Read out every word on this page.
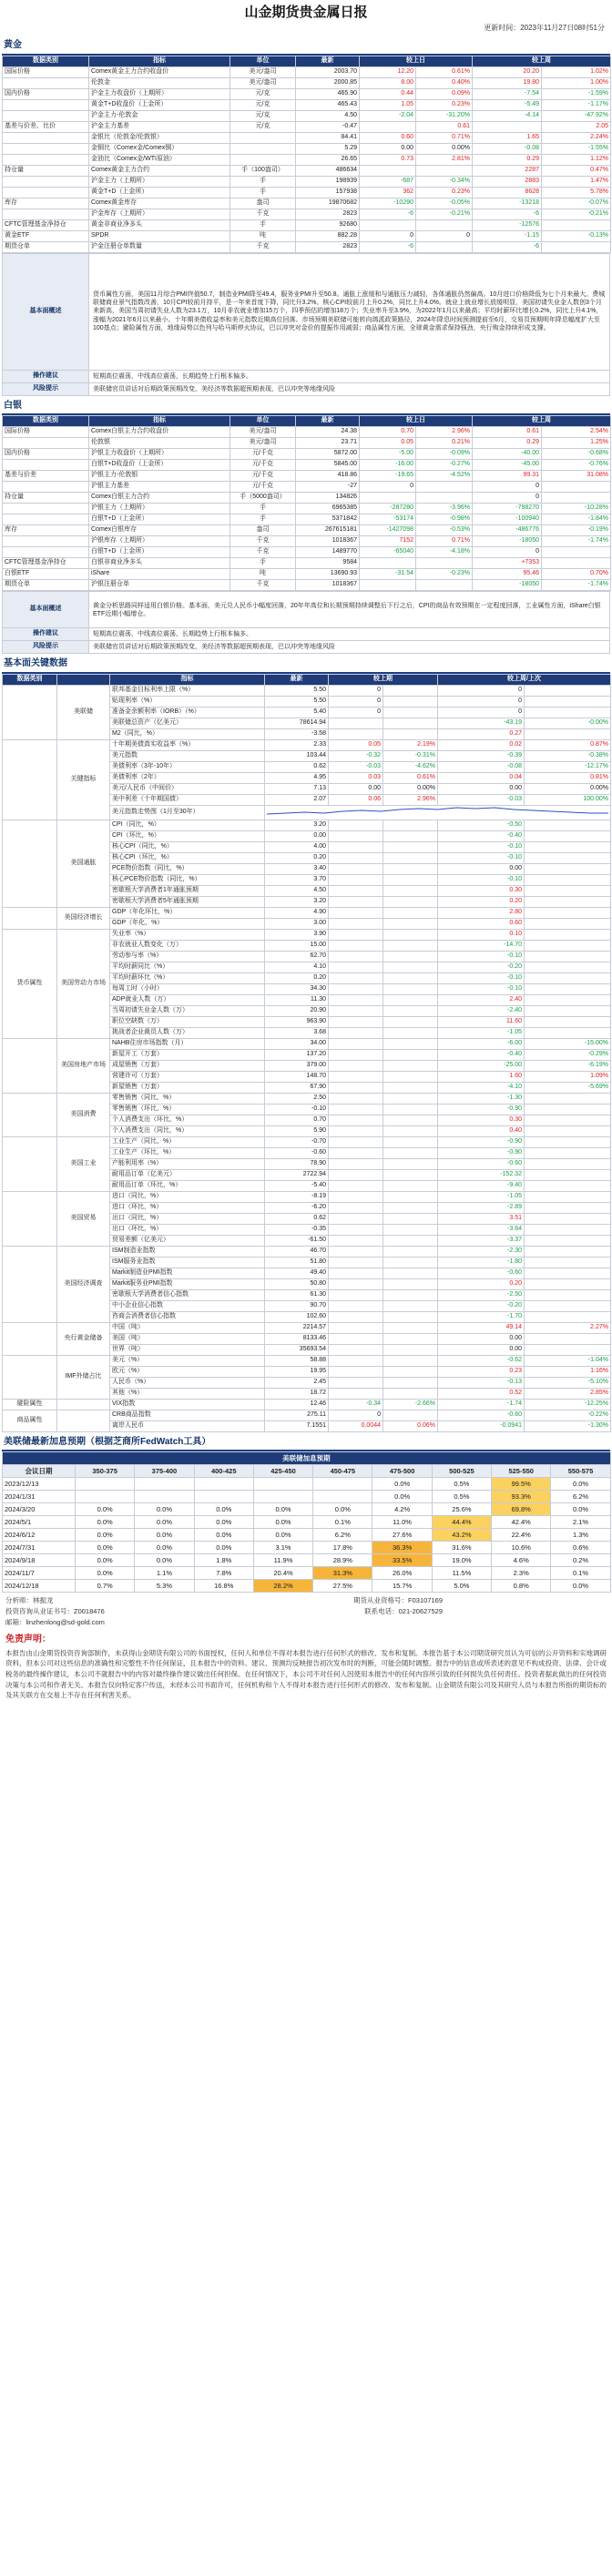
山金期货贵金属日报
更新时间：2023年11月27日08时51分
黄金
数据类别	指标	单位	最新	较上日		较上周	
国际价格	Comex黄金主力合约收盘价	美元/盎司	2003.70	12.20	0.61%	20.20	1.02%
	伦敦金	美元/盎司	2000.85	8.00	0.40%	19.80	1.00%
国内价格	沪金主力收盘价（上期所）	元/克	465.90	0.44	0.09%	-7.54	-1.59%
	黄金T+D收盘价（上金所）	元/克	465.43	1.05	0.23%	-5.49	-1.17%
	沪金主力-伦敦金	元/克	4.50	-2.04	-31.20%	-4.14	-47.92%
基差与价差、比价	沪金主力基差	元/克	-0.47		0.61		2.05
	金银比（伦敦金/伦敦银）		84.41	0.60	0.71%	1.65	2.24%
	金铜比（Comex金/Comex铜）		5.29	0.00	0.00%	-0.08	-1.55%
	金油比（Comex金/WTI原油）		26.65	0.73	2.81%	0.29	1.12%
持仓量	Comex黄金主力合约	手（100盎司）	486634			2287	0.47%
	沪金主力（上期所）	手	198939	-687	-0.34%	2883	1.47%
	黄金T+D（上金所）	手	157938	362	0.23%	8628	5.78%
库存	Comex黄金库存	盎司	19870682	-10290	-0.05%	-13218	-0.07%
	沪金库存（上期所）	千克	2823	-6	-0.21%	-6	-0.21%
CFTC管理基金净持仓	黄金非商业净多头	手	92680			-12576	
黄金ETF	SPDR	吨	882.28	0	0	-1.15	-0.13%
期货仓单	沪金注册仓单数量	千克	2823	-6		-6	
基本面概述	货币属性方面，美国11月综合PMI终值50.7，制造业PMI降至49.4，服务业PMI升至50.8。通胀上涨缓和与通胀压力减轻，各体通胀仍然偏高。10月进口价格降低为七个月来最大。费城联储商业景气指数改善，10月CPI较前月持平，是一年来首度下降，同比升3.2%。核心CPI较前月上升0.2%，同比上升4.0%。就业上就业增长放缓明显，美国初请失业金人数创3个月来新高，美国当周初请失业人数为23.1万，10月非农就业增加15万个，四季预估的增加18万个；失业率升至3.9%，为2022年1月以来最高；平均时薪环比增长0.2%，同比上升4.1%，涨幅为2021年6月以来最小。十年期美债收益率和美元指数近期高位回落。市场预期美联储可能转向鸽派政策路径，2024年降息时间预测提前至6月，交易员预期明年降息幅度扩大至100基点；避险属性方面，地缘局势以色列与哈马斯停火协议，巴以冲突对金价的提振作用减弱；商品属性方面，全球黄金需求保持强劲，央行购金持续形成支撑。
操作建议	短期高位震荡，中线高位震荡，长期趋势上行根本偏多。
风险提示	美联储官员讲话对后期政策预期改变，美经济等数据超预期表现，巴以冲突等地缘风险
白银
数据类别	指标	单位	最新	较上日		较上周	
国际价格	Comex白银主力合约收盘价	美元/盎司	24.38	0.70	2.96%	0.61	2.54%
	伦敦银	美元/盎司	23.71	0.05	0.21%	0.29	1.25%
国内价格	沪银主力收盘价（上期所）	元/千克	5872.00	-5.00	-0.09%	-40.00	-0.68%
	白银T+D收盘价（上金所）	元/千克	5845.00	-16.00	-0.27%	-45.00	-0.76%
基差与价差	沪银主力-伦敦银	元/千克	418.86	-19.65	-4.52%	99.31	31.08%
	沪银主力基差	元/千克	-27	0		0	
持仓量	Comex白银主力合约	手（5000盎司）	134826			0	
	沪银主力（上期所）	手	6965385	-287280	-3.96%	-798270	-10.28%
	白银T+D（上金所）	手	5371842	-53174	-0.98%	-100940	-1.84%
库存	Comex白银库存	盎司	267615181	-1427098	-0.53%	-486776	-0.19%
	沪银库存（上期所）	千克	1018367	7152	0.71%	-18050	-1.74%
	白银T+D（上金所）	千克	1489770	-65040	-4.18%	0	
CFTC管理基金净持仓	白银非商业净多头	手	9584			+7353	
白银ETF	iShare	吨	13690.93	-31.54	-0.23%	95.46	0.70%
期货仓单	沪银注册仓单	千克	1018367			-18050	-1.74%
基本面概述	黄金分析思路同样适用白银价格。基本面，美元兑人民币小幅度回落，20年年高位和长期预期持续调整后下行之后，CPI的商品有效预期在一定程度回落，工业属性方面，iShare白银ETF近期小幅增仓。
操作建议	短期高位震荡，中线高位震荡，长期趋势上行根本偏多。
风险提示	美联储官员讲话对后期政策预期改变，美经济等数据超预期表现，巴以冲突等地缘风险
基本面关键数据
数据类别		指标	最新	较上期		较上周/上次	
	美联储	联邦基金目标利率上限（%）	5.50	0		0	
		贴现利率（%）	5.50	0		0	
		准备金余额利率（IORB）（%）	5.40	0		0	
		美联储总资产（亿美元）	78614.94			-43.19	-0.00%
		M2（同比，%）	-3.58			0.27	
	关键指标	十年期美债真实收益率（%）	2.33	0.05	2.19%	0.02	0.87%
		美元指数	103.44	-0.32	-0.31%	-0.39	-0.38%
		美债利率（3年-10年）	0.62	-0.03	-4.62%	-0.08	-12.17%
		美债利率（2年）	4.95	0.03	0.61%	0.04	0.81%
		美元/人民币（中间价）	7.13	0.00	0.00%	0.00	0.00%
		美中利差（十年期国债）	2.07	0.06	2.96%	-0.03	100.00%
		美元指数走势图（1月至30年）	
	美国通胀	CPI（同比，%）	3.20			-0.50	
		CPI（环比，%）	0.00			-0.40	
		核心CPI（同比，%）	4.00			-0.10	
		核心CPI（环比，%）	0.20			-0.10	
		PCE物价指数（同比，%）	3.40			0.00	
		核心PCE物价指数（同比，%）	3.70			-0.10	
		密歇根大学消费者1年通胀预期	4.50			0.30	
		密歇根大学消费者5年通胀预期	3.20			0.20	
	美国经济增长	GDP（年化环比，%）	4.90			2.80	
		GDP（年化，%）	3.00			0.60	
货币属性	美国劳动力市场	失业率（%）	3.90			0.10	
		非农就业人数变化（万）	15.00			-14.70	
		劳动参与率（%）	62.70			-0.10	
		平均时薪同比（%）	4.10			-0.20	
		平均时薪环比（%）	0.20			-0.10	
		每周工时（小时）	34.30			-0.10	
		ADP就业人数（万）	11.30			2.40	
		当周初请失业金人数（万）	20.90			-2.40	
		职位空缺数（万）	963.90			11.60	
		挑战者企业裁员人数（万）	3.68			-1.05	
	美国房地产市场	NAHB住房市场指数（月）	34.00			-6.00	-15.00%
		新屋开工（万套）	137.20			-0.40	-0.29%
		成屋销售（万套）	379.00			-25.00	-6.19%
		营建许可（万套）	148.70			1.60	1.09%
		新屋销售（万套）	67.90			-4.10	-5.69%
	美国消费	零售销售（同比，%）	2.50			-1.30	
		零售销售（环比，%）	-0.10			-0.90	
		个人消费支出（环比，%）	0.70			0.30	
		个人消费支出（同比，%）	5.90			0.40	
	美国工业	工业生产（同比，%）	-0.70			-0.90	
		工业生产（环比，%）	-0.60			-0.90	
		产能利用率（%）	78.90			-0.60	
		耐用品订单（亿美元）	2722.94			-152.32	
		耐用品订单（环比，%）	-5.40			-9.40	
	美国贸易	进口（同比，%）	-8.19			-1.05	
		进口（环比，%）	-6.20			-2.89	
		出口（同比，%）	0.62			3.51	
		出口（环比，%）	-0.35			-3.64	
		贸易差额（亿美元）	-61.50			-3.37	
	美国经济调查	ISM制造业指数	46.70			-2.30	
		ISM服务业指数	51.80			-1.80	
		Markit制造业PMI指数	49.40			-0.60	
		Markit服务业PMI指数	50.80			0.20	
		密歇根大学消费者信心指数	61.30			-2.50	
		中小企业信心指数	90.70			-0.20	
		咨商会消费者信心指数	102.60			-1.70	
	央行黄金储备	中国（吨）	2214.57			49.14	2.27%
		美国（吨）	8133.46			0.00	
		世界（吨）	35693.54			0.00	
	IMF外储占比	美元（%）	58.88			-0.62	-1.04%
		欧元（%）	19.95			0.23	1.16%
		人民币（%）	2.45			-0.13	-5.10%
		其他（%）	18.72			0.52	2.85%
避险属性		VIX指数	12.46	-0.34	-2.66%	-1.74	-12.25%
商品属性		CRB商品指数	275.11	0		-0.60	-0.22%
		离岸人民币	7.1551	0.0044	0.06%	-0.0941	-1.30%
美联储最新加息预期（根据芝商所FedWatch工具）
美联储加息预期									
会议日期	350-375	375-400	400-425	425-450	450-475	475-500	500-525	525-550	550-575
2023/12/13						0.0%	0.5%	99.5%	0.0%
2024/1/31						0.0%	0.5%	93.3%	6.2%
2024/3/20	0.0%	0.0%	0.0%	0.0%	0.0%	4.2%	25.6%	69.8%	0.0%
2024/5/1	0.0%	0.0%	0.0%	0.0%	0.1%	11.0%	44.4%	42.4%	2.1%
2024/6/12	0.0%	0.0%	0.0%	0.0%	6.2%	27.6%	43.2%	22.4%	1.3%
2024/7/31	0.0%	0.0%	0.0%	3.1%	17.8%	36.3%	31.6%	10.6%	0.6%
2024/9/18	0.0%	0.0%	1.8%	11.9%	28.9%	33.5%	19.0%	4.6%	0.2%
2024/11/7	0.0%	1.1%	7.8%	20.4%	31.3%	26.0%	11.5%	2.3%	0.1%
2024/12/18	0.7%	5.3%	16.8%	28.2%	27.5%	15.7%	5.0%	0.8%	0.0%
分析师：林振龙	期货从业资格号：F03107169
投资咨询从业证书号：Z0018476	联系电话：021-20627529
邮箱：linzhenlong@sd-gold.com
免责声明：
本报告由山金期货投资咨询部制作，未获得山金期货有限公司的书面授权，任何人和单位不得对本报告进行任何形式的修改、发布和复制。本报告基于本公司期货研究员认为可信的公开资料和实地调研资料，但本公司对这些信息的准确性和完整性不作任何保证，且本报告中的资料、建议、预测均反映报告初次发布时的判断，可能会随时调整。报告中的信息或所表述的意见不构成投资、法律、会计或税务的最终操作建议，本公司不就报告中的内容对最终操作建议做出任何担保。在任何情况下，本公司不对任何人因使用本报告中的任何内容所引致的任何损失负任何责任。投资者据此做出的任何投资决策与本公司和作者无关。本报告仅向特定客户传送，未经本公司书面许可，任何机构和个人不得对本报告进行任何形式的修改、发布和复制。山金期货有限公司及其研究人员与本报告所指的期货标的及其关联方在交易上不存在任何利害关系。
